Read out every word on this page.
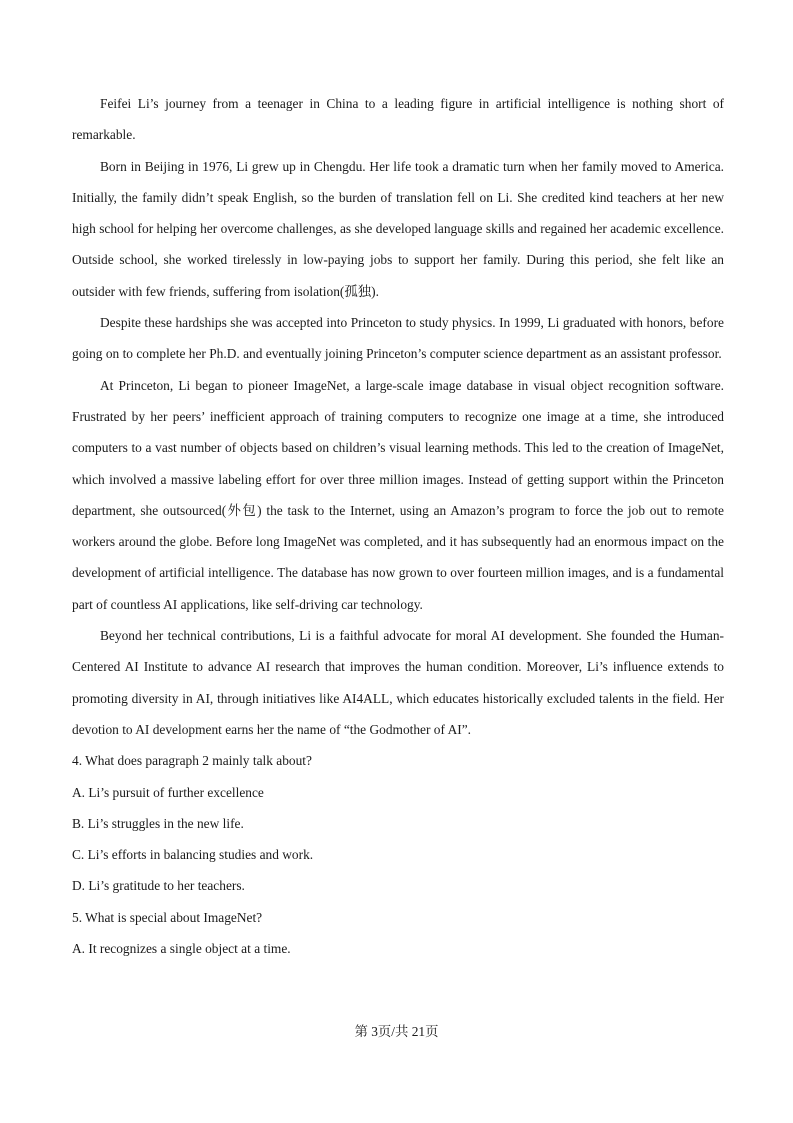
Feifei Li’s journey from a teenager in China to a leading figure in artificial intelligence is nothing short of remarkable.

Born in Beijing in 1976, Li grew up in Chengdu. Her life took a dramatic turn when her family moved to America. Initially, the family didn’t speak English, so the burden of translation fell on Li. She credited kind teachers at her new high school for helping her overcome challenges, as she developed language skills and regained her academic excellence. Outside school, she worked tirelessly in low-paying jobs to support her family. During this period, she felt like an outsider with few friends, suffering from isolation(孤独).

Despite these hardships she was accepted into Princeton to study physics. In 1999, Li graduated with honors, before going on to complete her Ph.D. and eventually joining Princeton’s computer science department as an assistant professor.

At Princeton, Li began to pioneer ImageNet, a large-scale image database in visual object recognition software. Frustrated by her peers’ inefficient approach of training computers to recognize one image at a time, she introduced computers to a vast number of objects based on children’s visual learning methods. This led to the creation of ImageNet, which involved a massive labeling effort for over three million images. Instead of getting support within the Princeton department, she outsourced(外包) the task to the Internet, using an Amazon’s program to force the job out to remote workers around the globe. Before long ImageNet was completed, and it has subsequently had an enormous impact on the development of artificial intelligence. The database has now grown to over fourteen million images, and is a fundamental part of countless AI applications, like self-driving car technology.

Beyond her technical contributions, Li is a faithful advocate for moral AI development. She founded the Human-Centered AI Institute to advance AI research that improves the human condition. Moreover, Li’s influence extends to promoting diversity in AI, through initiatives like AI4ALL, which educates historically excluded talents in the field. Her devotion to AI development earns her the name of “the Godmother of AI”.

4. What does paragraph 2 mainly talk about?

A. Li’s pursuit of further excellence

B. Li’s struggles in the new life.

C. Li’s efforts in balancing studies and work.

D. Li’s gratitude to her teachers.

5. What is special about ImageNet?

A. It recognizes a single object at a time.

第 3页/共 21页
